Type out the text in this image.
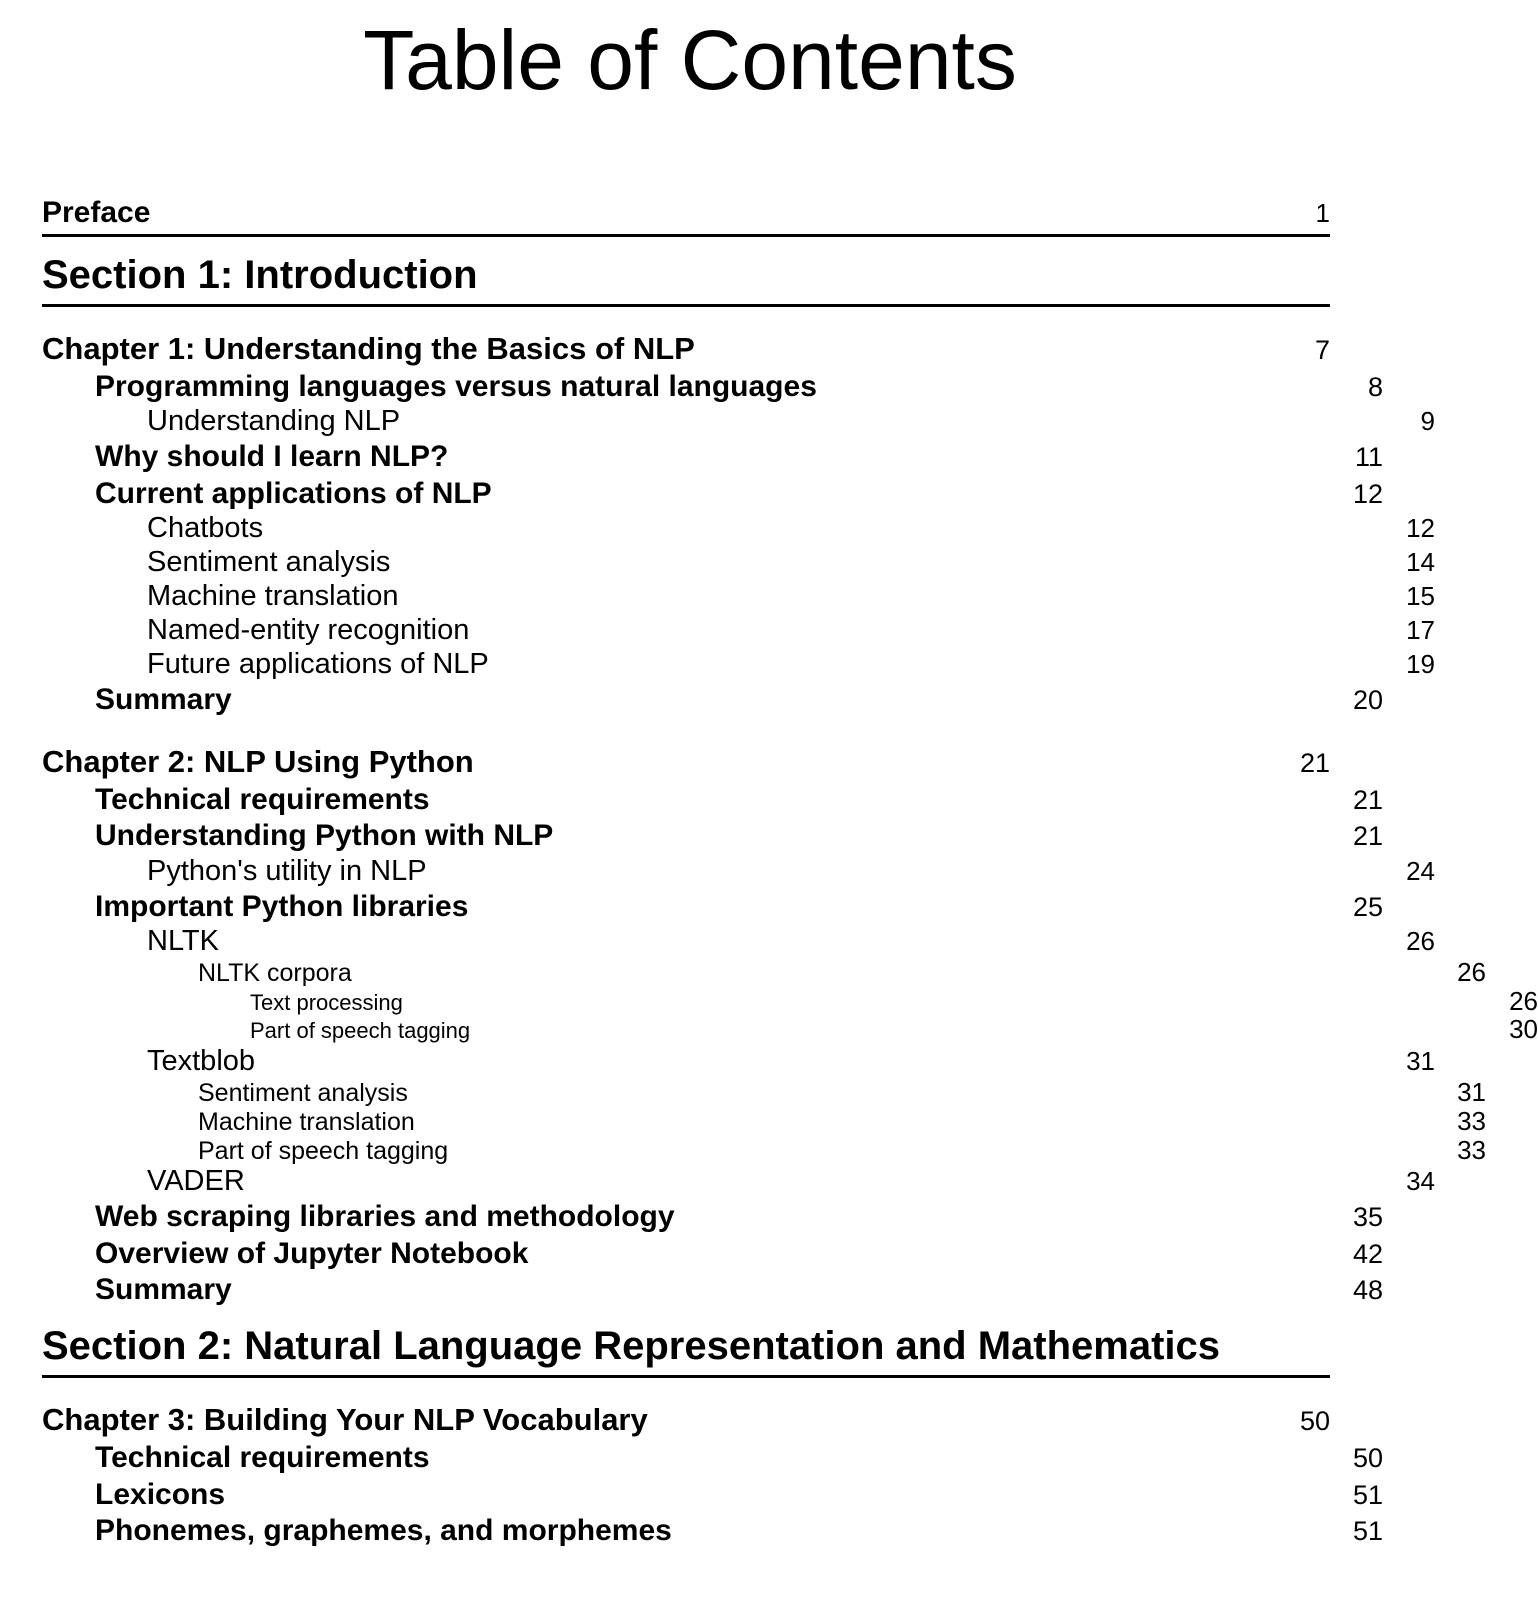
Table of Contents
Preface	1
Section 1: Introduction
Chapter 1: Understanding the Basics of NLP	7
Programming languages versus natural languages	8
Understanding NLP	9
Why should I learn NLP?	11
Current applications of NLP	12
Chatbots	12
Sentiment analysis	14
Machine translation	15
Named-entity recognition	17
Future applications of NLP	19
Summary	20
Chapter 2: NLP Using Python	21
Technical requirements	21
Understanding Python with NLP	21
Python's utility in NLP	24
Important Python libraries	25
NLTK	26
NLTK corpora	26
Text processing	26
Part of speech tagging	30
Textblob	31
Sentiment analysis	31
Machine translation	33
Part of speech tagging	33
VADER	34
Web scraping libraries and methodology	35
Overview of Jupyter Notebook	42
Summary	48
Section 2: Natural Language Representation and Mathematics
Chapter 3: Building Your NLP Vocabulary	50
Technical requirements	50
Lexicons	51
Phonemes, graphemes, and morphemes	51
